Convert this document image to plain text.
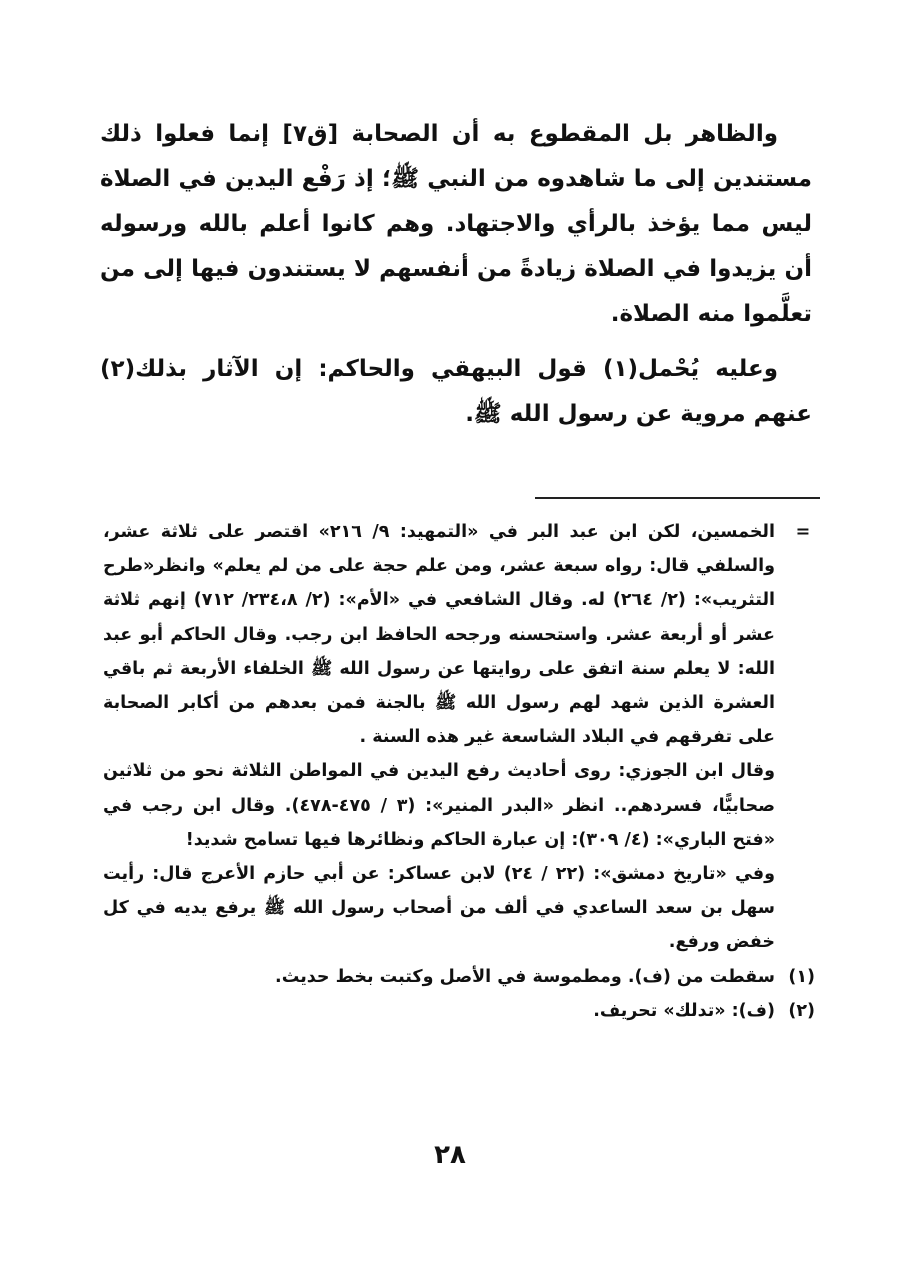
والظاهر بل المقطوع به أن الصحابة [ق٧] إنما فعلوا ذلك مستندين إلى ما شاهدوه من النبي ﷺ؛ إذ رَفْع اليدين في الصلاة ليس مما يؤخذ بالرأي والاجتهاد. وهم كانوا أعلم بالله ورسوله أن يزيدوا في الصلاة زيادةً من أنفسهم لا يستندون فيها إلى من تعلَّموا منه الصلاة.

وعليه يُحْمل(١) قول البيهقي والحاكم: إن الآثار بذلك(٢) عنهم مروية عن رسول الله ﷺ.

=

الخمسين، لكن ابن عبد البر في «التمهيد: ٩/ ٢١٦» اقتصر على ثلاثة عشر، والسلفي قال: رواه سبعة عشر، ومن علم حجة على من لم يعلم» وانظر«طرح التثريب»: (٢/ ٢٦٤) له. وقال الشافعي في «الأم»: (٢/ ٢٣٤،٨/ ٧١٢) إنهم ثلاثة عشر أو أربعة عشر. واستحسنه ورجحه الحافظ ابن رجب. وقال الحاكم أبو عبد الله: لا يعلم سنة اتفق على روايتها عن رسول الله ﷺ الخلفاء الأربعة ثم باقي العشرة الذين شهد لهم رسول الله ﷺ بالجنة فمن بعدهم من أكابر الصحابة على تفرقهم في البلاد الشاسعة غير هذه السنة .

وقال ابن الجوزي: روى أحاديث رفع اليدين في المواطن الثلاثة نحو من ثلاثين صحابيًّا، فسردهم.. انظر «البدر المنير»: (٣ / ٤٧٥-٤٧٨). وقال ابن رجب في «فتح الباري»: (٤/ ٣٠٩): إن عبارة الحاكم ونظائرها فيها تسامح شديد!

وفي «تاريخ دمشق»: (٢٢ / ٢٤) لابن عساكر: عن أبي حازم الأعرج قال: رأيت سهل بن سعد الساعدي في ألف من أصحاب رسول الله ﷺ يرفع يديه في كل خفض ورفع.

(١)

سقطت من (ف). ومطموسة في الأصل وكتبت بخط حديث.

(٢)

(ف): «تدلك» تحريف.

٢٨
